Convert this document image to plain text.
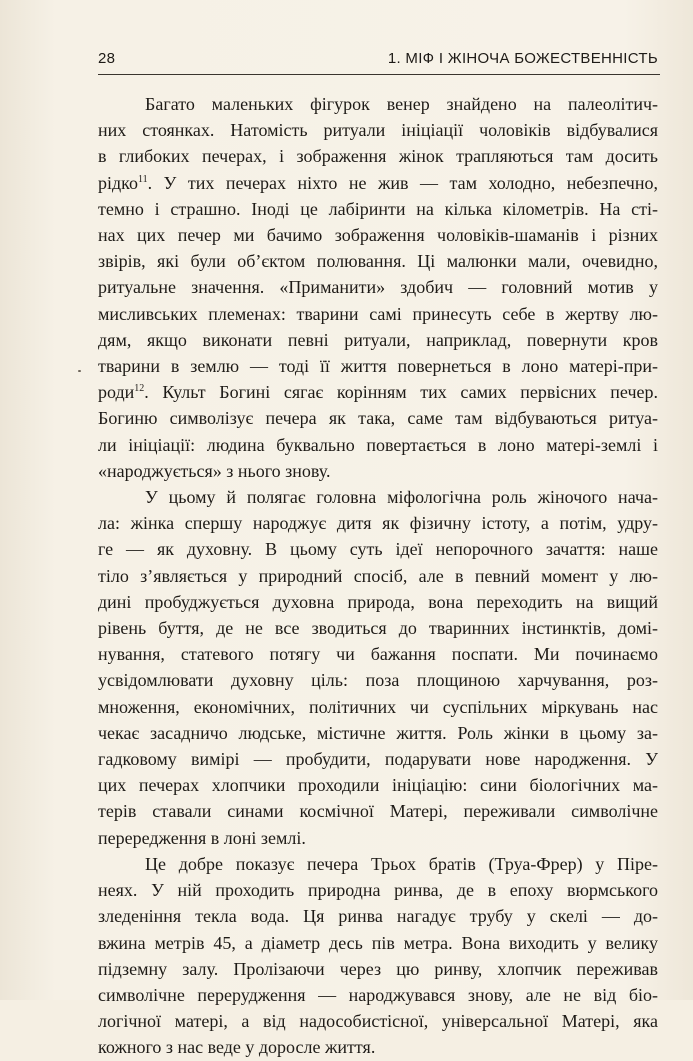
28	1. МІФ І ЖІНОЧА БОЖЕСТВЕННІСТЬ

Багато маленьких фігурок венер знайдено на палеолітич-
них стоянках. Натомість ритуали ініціації чоловіків відбувалися
в глибоких печерах, і зображення жінок трапляються там досить
рідко$^{11}$. У тих печерах ніхто не жив — там холодно, небезпечно,
темно і страшно. Іноді це лабіринти на кілька кілометрів. На сті-
нах цих печер ми бачимо зображення чоловіків-шаманів і різних
звірів, які були об’єктом полювання. Ці малюнки мали, очевидно,
ритуальне значення. «Приманити» здобич — головний мотив у
мисливських племенах: тварини самі принесуть себе в жертву лю-
дям, якщо виконати певні ритуали, наприклад, повернути кров
тварини в землю — тоді її життя повернеться в лоно матері-при-
роди$^{12}$. Культ Богині сягає корінням тих самих первісних печер.
Богиню символізує печера як така, саме там відбуваються ритуа-
ли ініціації: людина буквально повертається в лоно матері-землі і
«народжується» з нього знову.

У цьому й полягає головна міфологічна роль жіночого нача-
ла: жінка спершу народжує дитя як фізичну істоту, а потім, удру-
ге — як духовну. В цьому суть ідеї непорочного зачаття: наше
тіло з’являється у природний спосіб, але в певний момент у лю-
дині пробуджується духовна природа, вона переходить на вищий
рівень буття, де не все зводиться до тваринних інстинктів, домі-
нування, статевого потягу чи бажання поспати. Ми починаємо
усвідомлювати духовну ціль: поза площиною харчування, роз-
множення, економічних, політичних чи суспільних міркувань нас
чекає засадничо людське, містичне життя. Роль жінки в цьому за-
гадковому вимірі — пробудити, подарувати нове народження. У
цих печерах хлопчики проходили ініціацію: сини біологічних ма-
терів ставали синами космічної Матері, переживали символічне
перередження в лоні землі.

Це добре показує печера Трьох братів (Труа-Фрер) у Піре-
неях. У ній проходить природна ринва, де в епоху вюрмського
зледеніння текла вода. Ця ринва нагадує трубу у скелі — до-
вжина метрів 45, а діаметр десь пів метра. Вона виходить у велику
підземну залу. Пролізаючи через цю ринву, хлопчик переживав
символічне перерудження — народжувався знову, але не від біо-
логічної матері, а від надособистісної, універсальної Матері, яка
кожного з нас веде у доросле життя.
